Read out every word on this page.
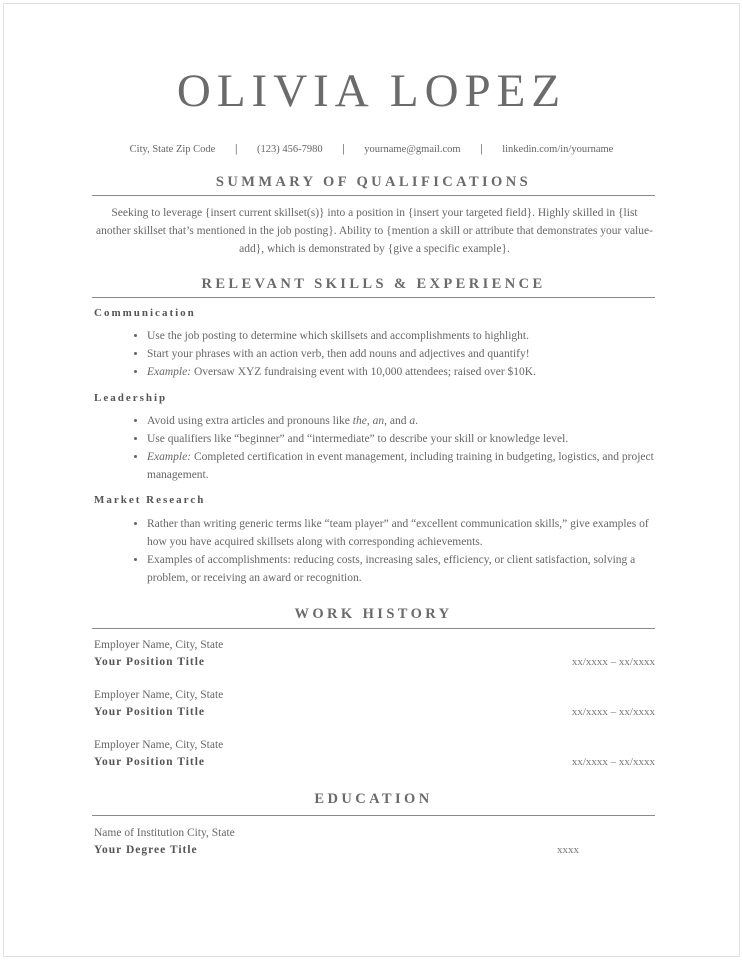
OLIVIA LOPEZ
City, State Zip Code | (123) 456-7980 | yourname@gmail.com | linkedin.com/in/yourname
SUMMARY OF QUALIFICATIONS
Seeking to leverage {insert current skillset(s)} into a position in {insert your targeted field}. Highly skilled in {list another skillset that’s mentioned in the job posting}. Ability to {mention a skill or attribute that demonstrates your value-add}, which is demonstrated by {give a specific example}.
RELEVANT SKILLS & EXPERIENCE
Communication
• Use the job posting to determine which skillsets and accomplishments to highlight.
• Start your phrases with an action verb, then add nouns and adjectives and quantify!
• Example: Oversaw XYZ fundraising event with 10,000 attendees; raised over $10K.
Leadership
• Avoid using extra articles and pronouns like the, an, and a.
• Use qualifiers like “beginner” and “intermediate” to describe your skill or knowledge level.
• Example: Completed certification in event management, including training in budgeting, logistics, and project management.
Market Research
• Rather than writing generic terms like “team player” and “excellent communication skills,” give examples of how you have acquired skillsets along with corresponding achievements.
• Examples of accomplishments: reducing costs, increasing sales, efficiency, or client satisfaction, solving a problem, or receiving an award or recognition.
WORK HISTORY
Employer Name, City, State
Your Position Title	xx/xxxx – xx/xxxx
Employer Name, City, State
Your Position Title	xx/xxxx – xx/xxxx
Employer Name, City, State
Your Position Title	xx/xxxx – xx/xxxx
EDUCATION
Name of Institution City, State
Your Degree Title	xxxx
